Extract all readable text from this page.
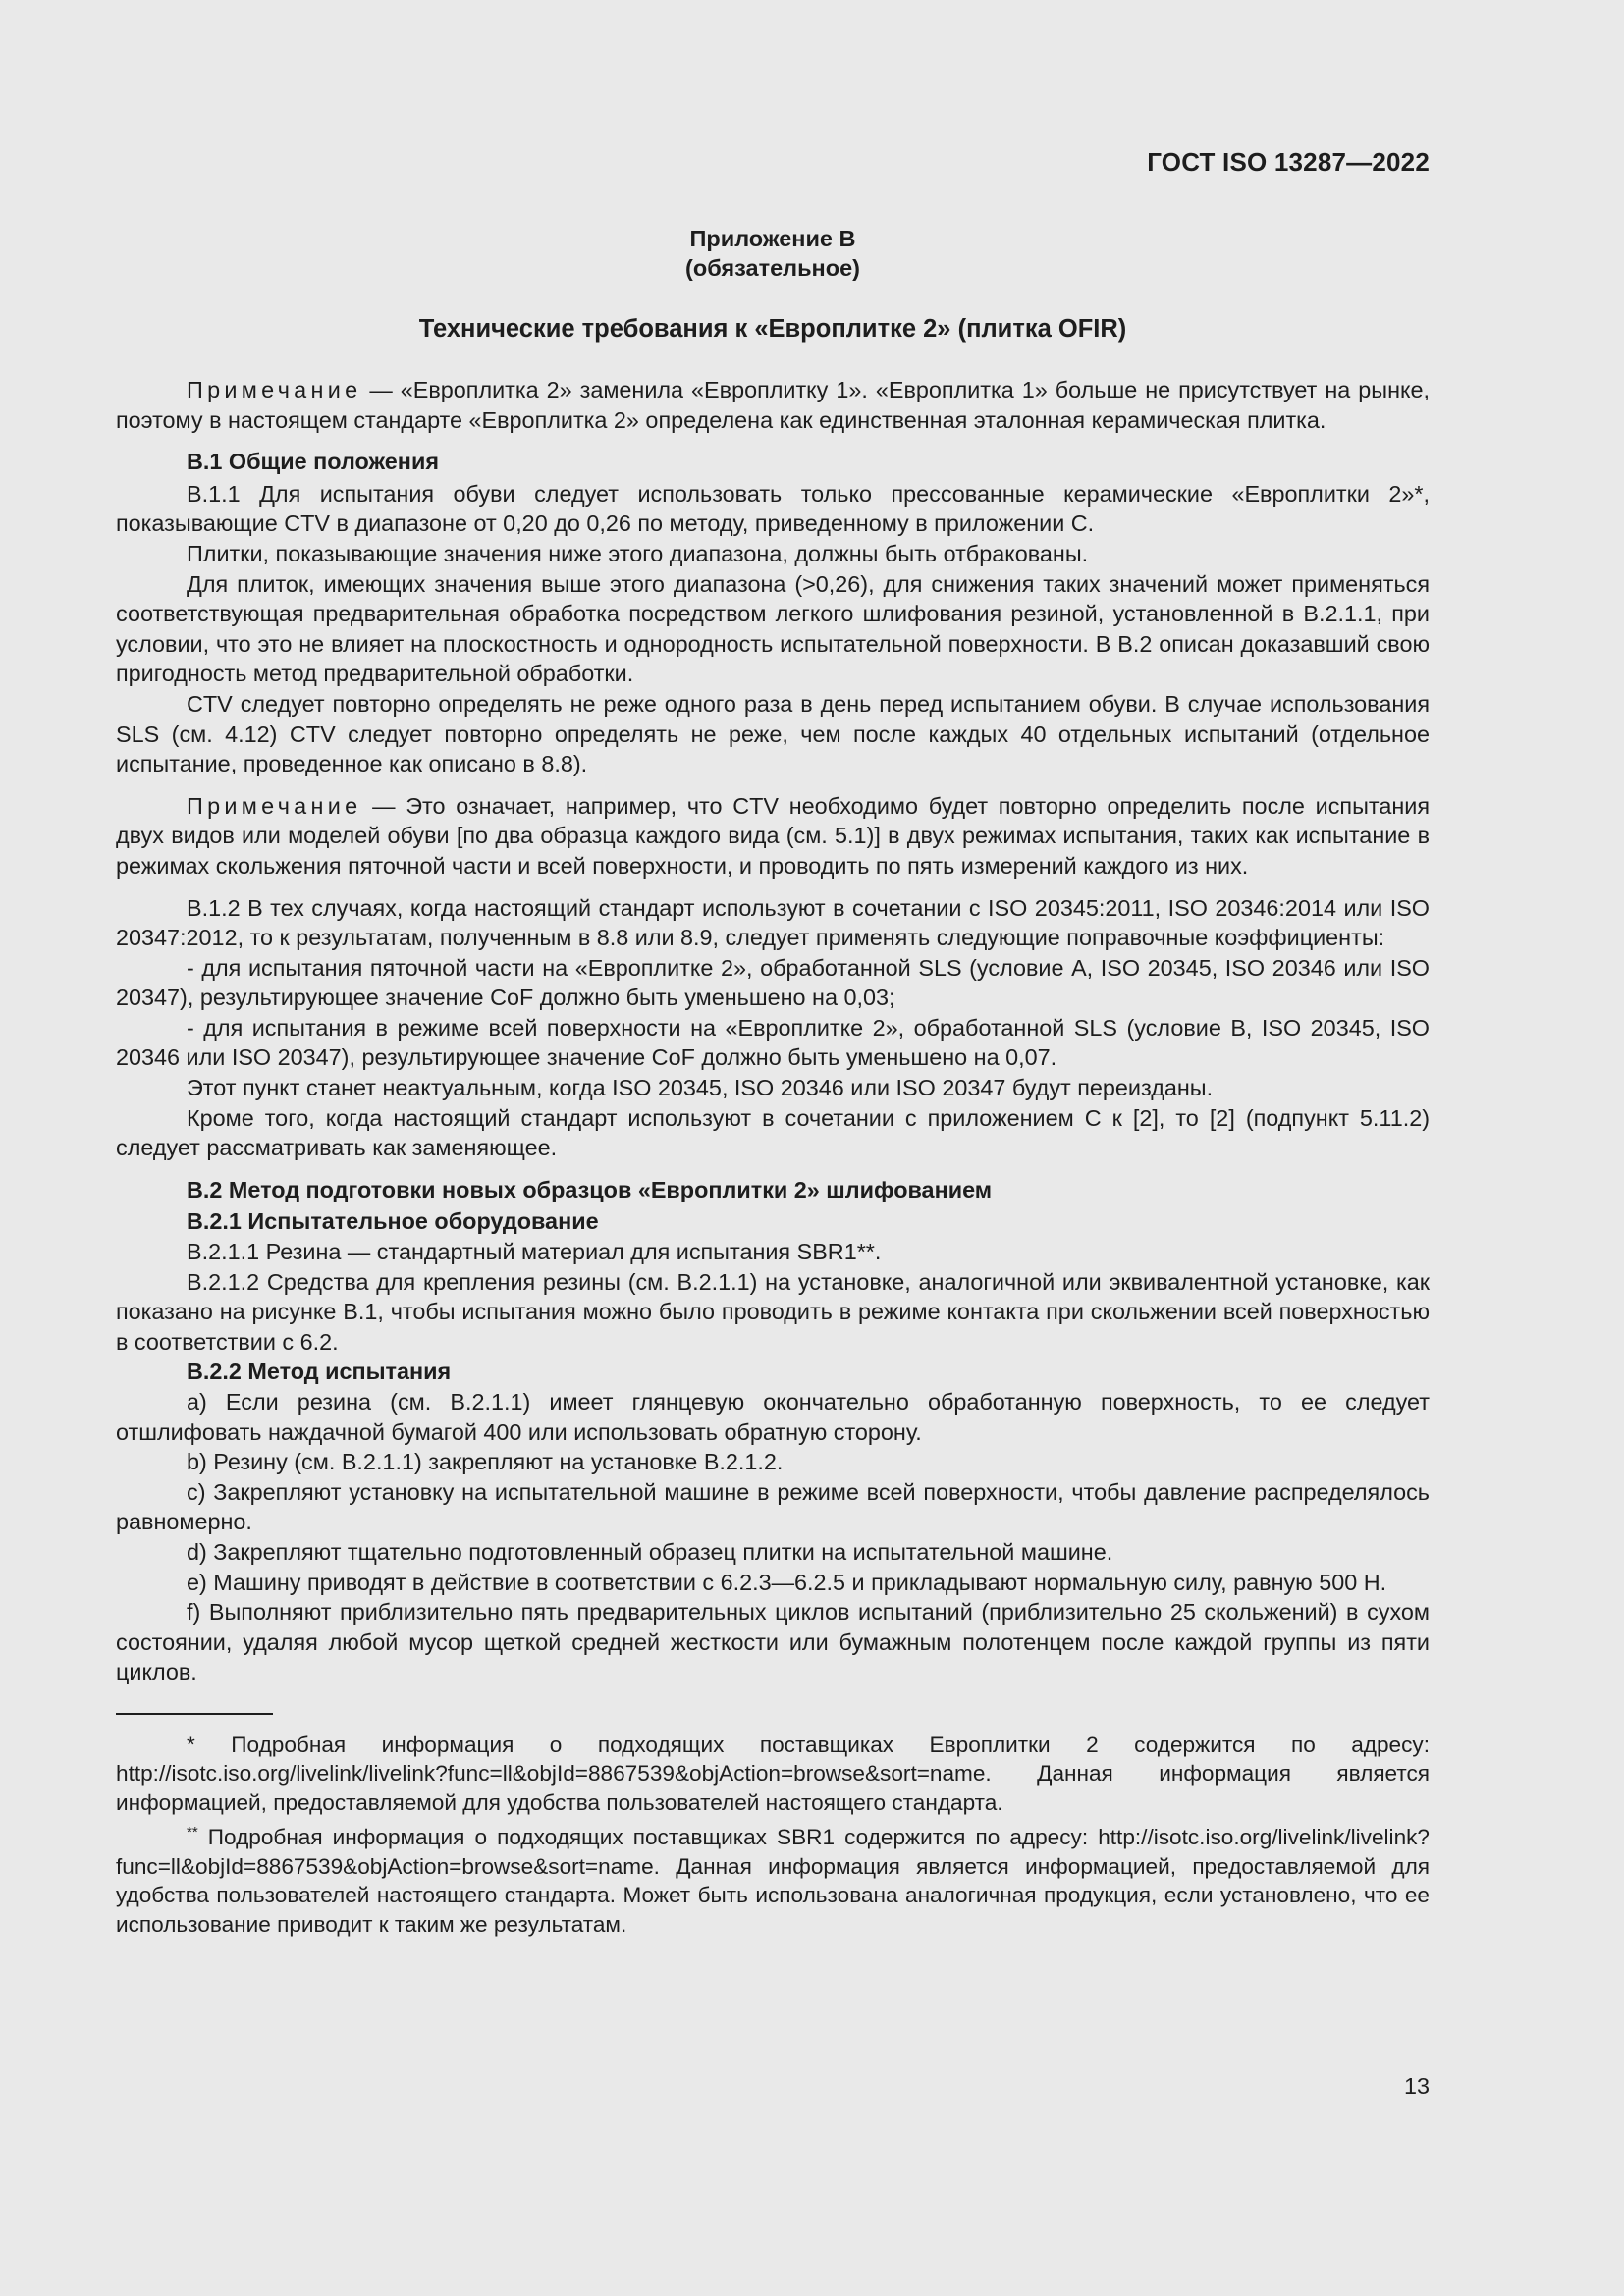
ГОСТ ISO 13287—2022
Приложение В
(обязательное)
Технические требования к «Европлитке 2» (плитка OFIR)

Примечание — «Европлитка 2» заменила «Европлитку 1». «Европлитка 1» больше не присутствует на рынке, поэтому в настоящем стандарте «Европлитка 2» определена как единственная эталонная керамическая плитка.

В.1 Общие положения

В.1.1 Для испытания обуви следует использовать только прессованные керамические «Европлитки 2»*, показывающие CTV в диапазоне от 0,20 до 0,26 по методу, приведенному в приложении С.

Плитки, показывающие значения ниже этого диапазона, должны быть отбракованы.

Для плиток, имеющих значения выше этого диапазона (>0,26), для снижения таких значений может применяться соответствующая предварительная обработка посредством легкого шлифования резиной, установленной в В.2.1.1, при условии, что это не влияет на плоскостность и однородность испытательной поверхности. В В.2 описан доказавший свою пригодность метод предварительной обработки.

CTV следует повторно определять не реже одного раза в день перед испытанием обуви. В случае использования SLS (см. 4.12) CTV следует повторно определять не реже, чем после каждых 40 отдельных испытаний (отдельное испытание, проведенное как описано в 8.8).

Примечание — Это означает, например, что CTV необходимо будет повторно определить после испытания двух видов или моделей обуви [по два образца каждого вида (см. 5.1)] в двух режимах испытания, таких как испытание в режимах скольжения пяточной части и всей поверхности, и проводить по пять измерений каждого из них.

В.1.2 В тех случаях, когда настоящий стандарт используют в сочетании с ISO 20345:2011, ISO 20346:2014 или ISO 20347:2012, то к результатам, полученным в 8.8 или 8.9, следует применять следующие поправочные коэффициенты:

- для испытания пяточной части на «Европлитке 2», обработанной SLS (условие A, ISO 20345, ISO 20346 или ISO 20347), результирующее значение CoF должно быть уменьшено на 0,03;

- для испытания в режиме всей поверхности на «Европлитке 2», обработанной SLS (условие B, ISO 20345, ISO 20346 или ISO 20347), результирующее значение CoF должно быть уменьшено на 0,07.

Этот пункт станет неактуальным, когда ISO 20345, ISO 20346 или ISO 20347 будут переизданы.

Кроме того, когда настоящий стандарт используют в сочетании с приложением С к [2], то [2] (подпункт 5.11.2) следует рассматривать как заменяющее.

В.2 Метод подготовки новых образцов «Европлитки 2» шлифованием
В.2.1 Испытательное оборудование

В.2.1.1 Резина — стандартный материал для испытания SBR1**.

В.2.1.2 Средства для крепления резины (см. В.2.1.1) на установке, аналогичной или эквивалентной установке, как показано на рисунке В.1, чтобы испытания можно было проводить в режиме контакта при скольжении всей поверхностью в соответствии с 6.2.

В.2.2 Метод испытания

a) Если резина (см. В.2.1.1) имеет глянцевую окончательно обработанную поверхность, то ее следует отшлифовать наждачной бумагой 400 или использовать обратную сторону.

b) Резину (см. В.2.1.1) закрепляют на установке В.2.1.2.

c) Закрепляют установку на испытательной машине в режиме всей поверхности, чтобы давление распределялось равномерно.

d) Закрепляют тщательно подготовленный образец плитки на испытательной машине.

e) Машину приводят в действие в соответствии с 6.2.3—6.2.5 и прикладывают нормальную силу, равную 500 Н.

f) Выполняют приблизительно пять предварительных циклов испытаний (приблизительно 25 скольжений) в сухом состоянии, удаляя любой мусор щеткой средней жесткости или бумажным полотенцем после каждой группы из пяти циклов.

* Подробная информация о подходящих поставщиках Европлитки 2 содержится по адресу: http://isotc.iso.org/livelink/livelink?func=ll&objId=8867539&objAction=browse&sort=name. Данная информация является информацией, предоставляемой для удобства пользователей настоящего стандарта.

** Подробная информация о подходящих поставщиках SBR1 содержится по адресу: http://isotc.iso.org/livelink/livelink?func=ll&objId=8867539&objAction=browse&sort=name. Данная информация является информацией, предоставляемой для удобства пользователей настоящего стандарта. Может быть использована аналогичная продукция, если установлено, что ее использование приводит к таким же результатам.

13
